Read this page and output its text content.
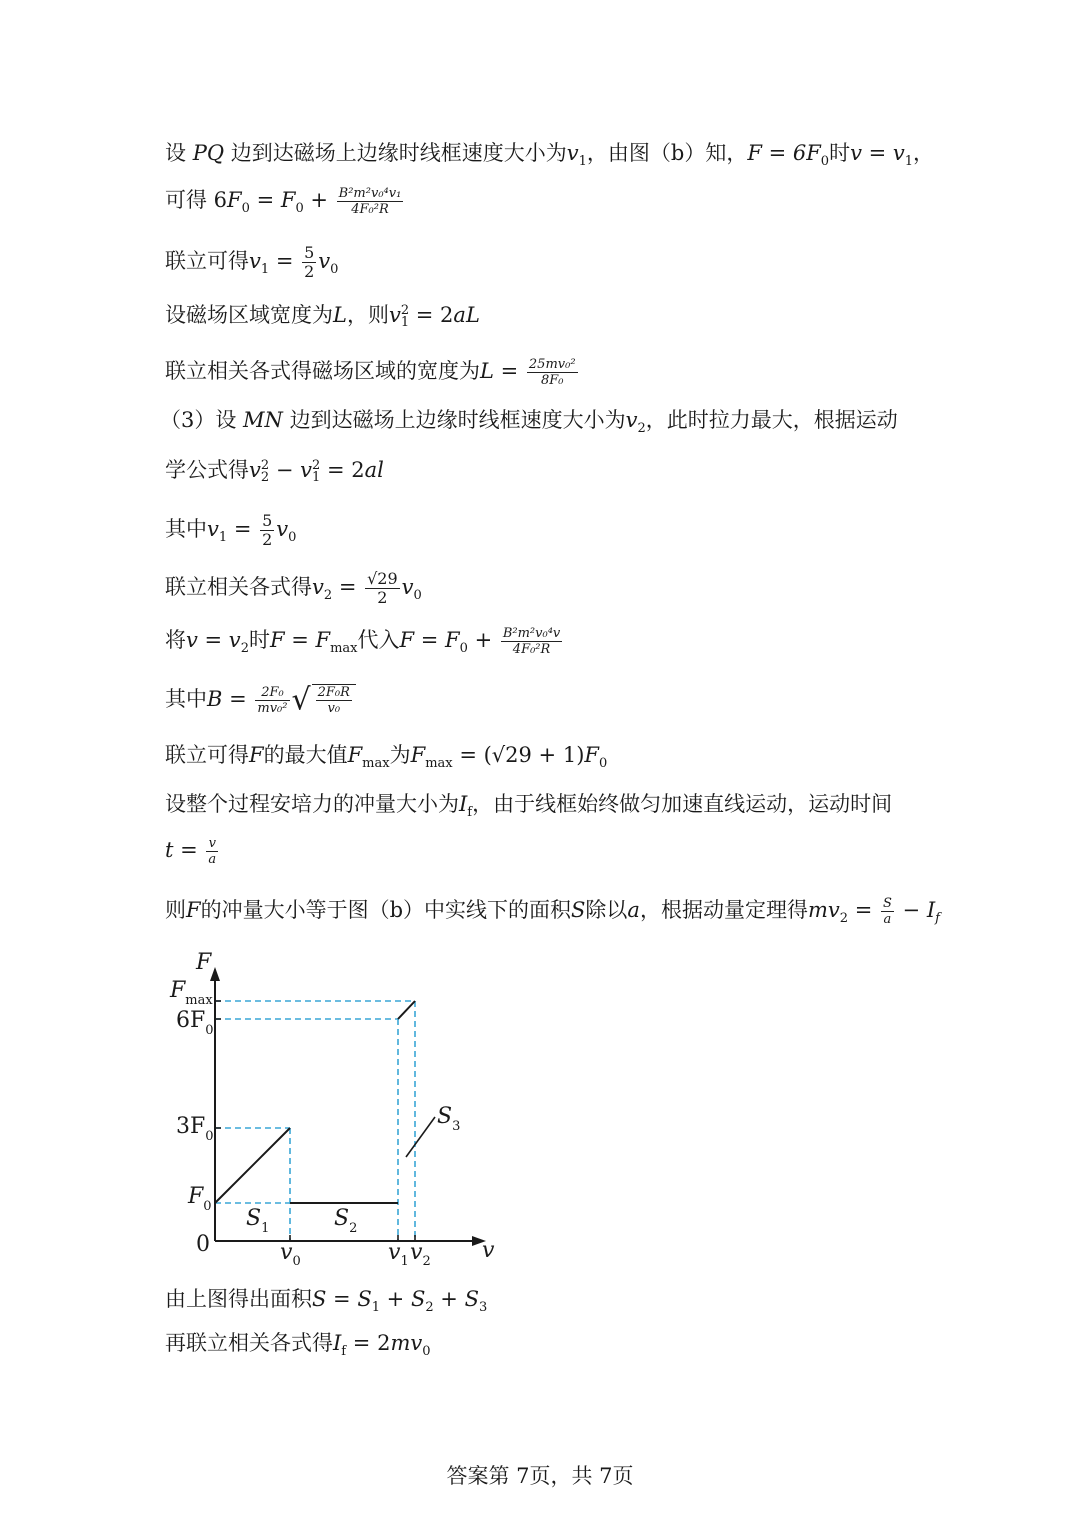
设 PQ 边到达磁场上边缘时线框速度大小为$v_1$，由图（b）知，$F = 6F_0$时$v = v_1$，
可得 $6F_0 = F_0 + \frac{\text{B²m²v₀⁴v₁}}{\text{4F₀²R}}$
联立可得$v_1 = \frac{5}{2} v_0$
设磁场区域宽度为L，则v 2
1 = 2aL
联立相关各式得磁场区域的宽度为$L = \frac{\text{25mv₀²}}{\text{8F₀}}$
（3）设 MN 边到达磁场上边缘时线框速度大小为$v_2$，此时拉力最大，根据运动
学公式得v 2
2 − v 2
1 = 2al
其中$v_1 = \frac{5}{2} v_0$
联立相关各式得$v_2 = \frac{√29}{2} v_0$
将$v = v_2$时$F = F_{max}$代入$F = F_0 + \frac{\text{B²m²v₀⁴v}}{\text{4F₀²R}}$
其中$B = \frac{\text{2F₀}}{\text{mv₀²}}$ √ $\frac{\text{2F₀R}}{\text{v₀}}$
联立可得F的最大值$F_{max}$为$F_{max} = (√29 + 1)F_0$
设整个过程安培力的冲量大小为$I_f$，由于线框始终做匀加速直线运动，运动时间
$t = \frac{v}{a}$
则F的冲量大小等于图（b）中实线下的面积S除以a，根据动量定理得$mv_2 = \frac{S}{a} - I_f$
F
v
0
$F_{max}$
$6F_0$
$3F_0$
$F_0$
$v_0$	$v_1$ $v_2$
$S_1$	$S_2$
$S_3$
由上图得出面积$S = S_1 + S_2 + S_3$
再联立相关各式得$I_f = 2mv_0$
答案第 7页，共 7页
